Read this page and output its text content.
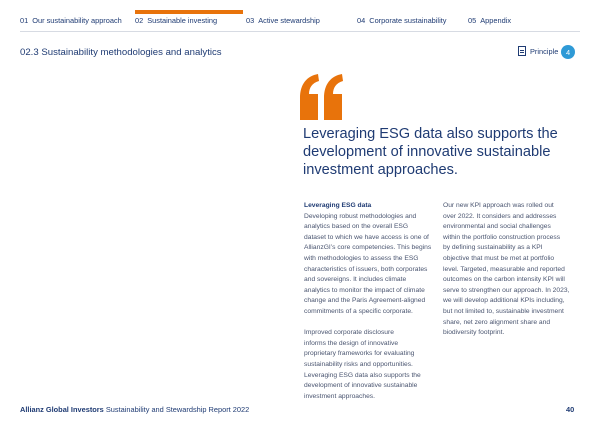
01 Our sustainability approach 02 Sustainable investing	03 Active stewardship	04 Corporate sustainability	05 Appendix
02.3 Sustainability methodologies and analytics	Principle	4
Leveraging ESG data also supports the development of innovative sustainable investment approaches.

Leveraging ESG data

Developing robust methodologies and

analytics based on the overall ESG

dataset to which we have access is one of

AllianzGI’s core competencies. This begins

with methodologies to assess the ESG

characteristics of issuers, both corporates

and sovereigns. It includes climate

analytics to monitor the impact of climate

change and the Paris Agreement-aligned

commitments of a specific corporate.

Improved corporate disclosure

informs the design of innovative

proprietary frameworks for evaluating

sustainability risks and opportunities.

Leveraging ESG data also supports the

development of innovative sustainable

investment approaches.

Our new KPI approach was rolled out

over 2022. It considers and addresses

environmental and social challenges

within the portfolio construction process

by defining sustainability as a KPI

objective that must be met at portfolio

level. Targeted, measurable and reported

outcomes on the carbon intensity KPI will

serve to strengthen our approach. In 2023,

we will develop additional KPIs including,

but not limited to, sustainable investment

share, net zero alignment share and

biodiversity footprint.

Allianz Global Investors Sustainability and Stewardship Report 2022	40
